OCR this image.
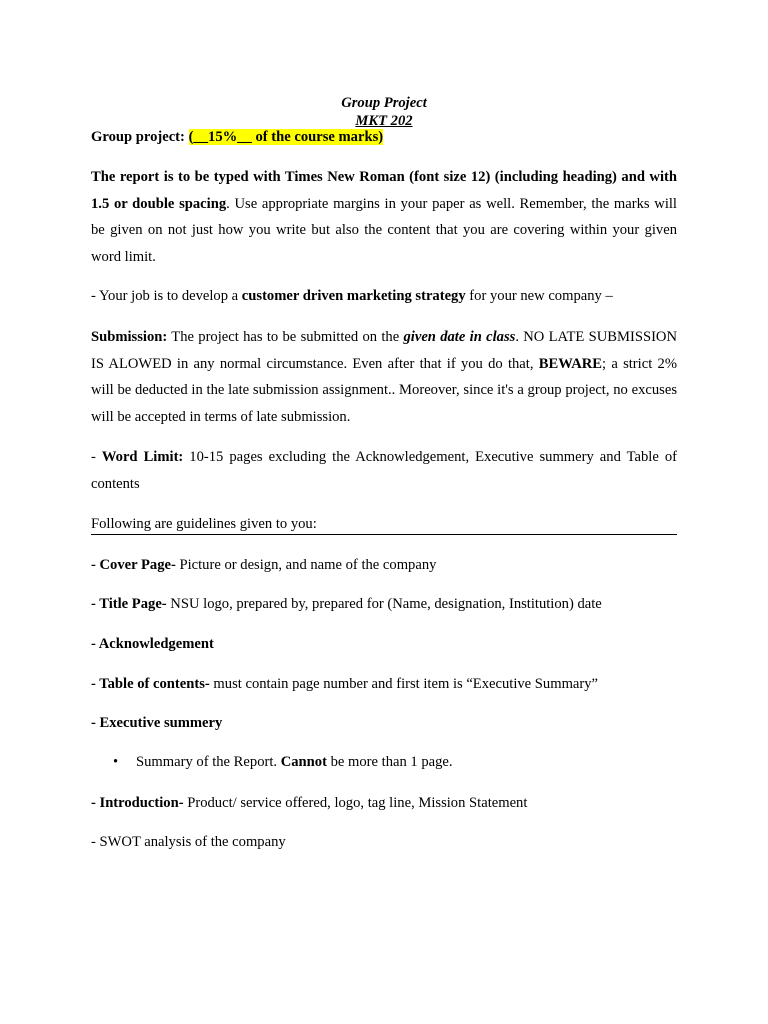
Group Project
MKT 202
Group project: (__15%__ of the course marks)
The report is to be typed with Times New Roman (font size 12) (including heading) and with 1.5 or double spacing. Use appropriate margins in your paper as well. Remember, the marks will be given on not just how you write but also the content that you are covering within your given word limit.
- Your job is to develop a customer driven marketing strategy for your new company –
Submission: The project has to be submitted on the given date in class. NO LATE SUBMISSION IS ALOWED in any normal circumstance. Even after that if you do that, BEWARE; a strict 2% will be deducted in the late submission assignment.. Moreover, since it's a group project, no excuses will be accepted in terms of late submission.
- Word Limit: 10-15 pages excluding the Acknowledgement, Executive summery and Table of contents
Following are guidelines given to you:
- Cover Page- Picture or design, and name of the company
- Title Page- NSU logo, prepared by, prepared for (Name, designation, Institution) date
- Acknowledgement
- Table of contents- must contain page number and first item is “Executive Summary”
- Executive summery
• Summary of the Report. Cannot be more than 1 page.
- Introduction- Product/ service offered, logo, tag line, Mission Statement
- SWOT analysis of the company
